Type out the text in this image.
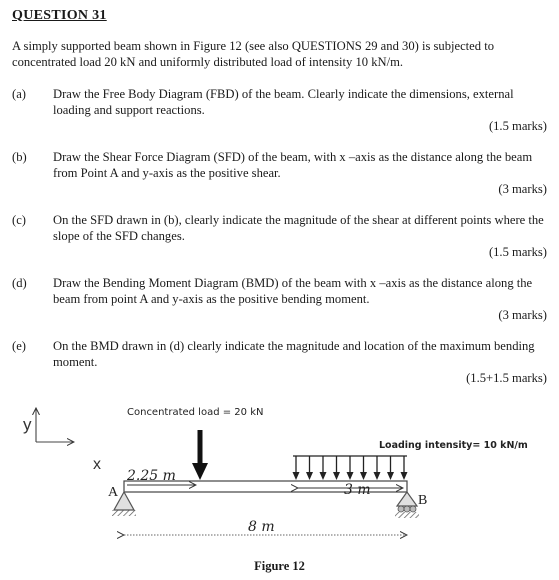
QUESTION 31
A simply supported beam shown in Figure 12 (see also QUESTIONS 29 and 30) is subjected to concentrated load 20 kN and uniformly distributed load of intensity 10 kN/m.
(a)	Draw the Free Body Diagram (FBD) of the beam. Clearly indicate the dimensions, external loading and support reactions.
(1.5 marks)
(b)	Draw the Shear Force Diagram (SFD) of the beam, with x –axis as the distance along the beam from Point A and y-axis as the positive shear.
(3 marks)
(c)	On the SFD drawn in (b), clearly indicate the magnitude of the shear at different points where the slope of the SFD changes.
(1.5 marks)
(d)	Draw the Bending Moment Diagram (BMD) of the beam with x –axis as the distance along the beam from point A and y-axis as the positive bending moment.
(3 marks)
(e)	On the BMD drawn in (d) clearly indicate the magnitude and location of the maximum bending moment.
(1.5+1.5 marks)
y
x
Concentrated load = 20 kN
Loading intensity= 10 kN/m
2.25 m
3 m
A
B
8 m
Figure 12
